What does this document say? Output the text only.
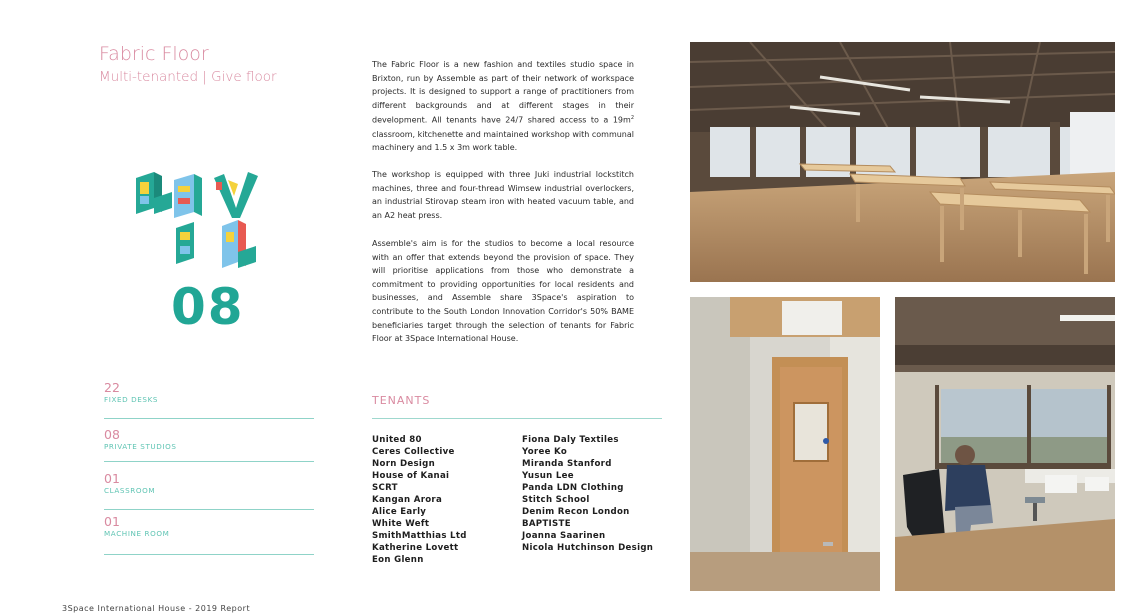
Fabric Floor
Multi-tenanted | Give floor
08
22
FIXED DESKS
08
PRIVATE STUDIOS
01
CLASSROOM
01
MACHINE ROOM
The Fabric Floor is a new fashion and textiles studio space in Brixton, run by Assemble as part of their network of workspace projects. It is designed to support a range of practitioners from different backgrounds and at different stages in their development. All tenants have 24/7 shared access to a $19m^2$ classroom, kitchenette and maintained workshop with communal machinery and 1.5 x 3m work table.
The workshop is equipped with three Juki industrial lockstitch machines, three and four-thread Wimsew industrial overlockers, an industrial Stirovap steam iron with heated vacuum table, and an A2 heat press.
Assemble's aim is for the studios to become a local resource with an offer that extends beyond the provision of space. They will prioritise applications from those who demonstrate a commitment to providing opportunities for local residents and businesses, and Assemble share 3Space's aspiration to contribute to the South London Innovation Corridor's 50% BAME beneficiaries target through the selection of tenants for Fabric Floor at 3Space International House.
TENANTS
United 80
Ceres Collective
Norn Design
House of Kanai
SCRT
Kangan Arora
Alice Early
White Weft
SmithMatthias Ltd
Katherine Lovett
Eon Glenn
Fiona Daly Textiles
Yoree Ko
Miranda Stanford
Yusun Lee
Panda LDN Clothing
Stitch School
Denim Recon London
BAPTISTE
Joanna Saarinen
Nicola Hutchinson Design
3Space International House - 2019 Report
